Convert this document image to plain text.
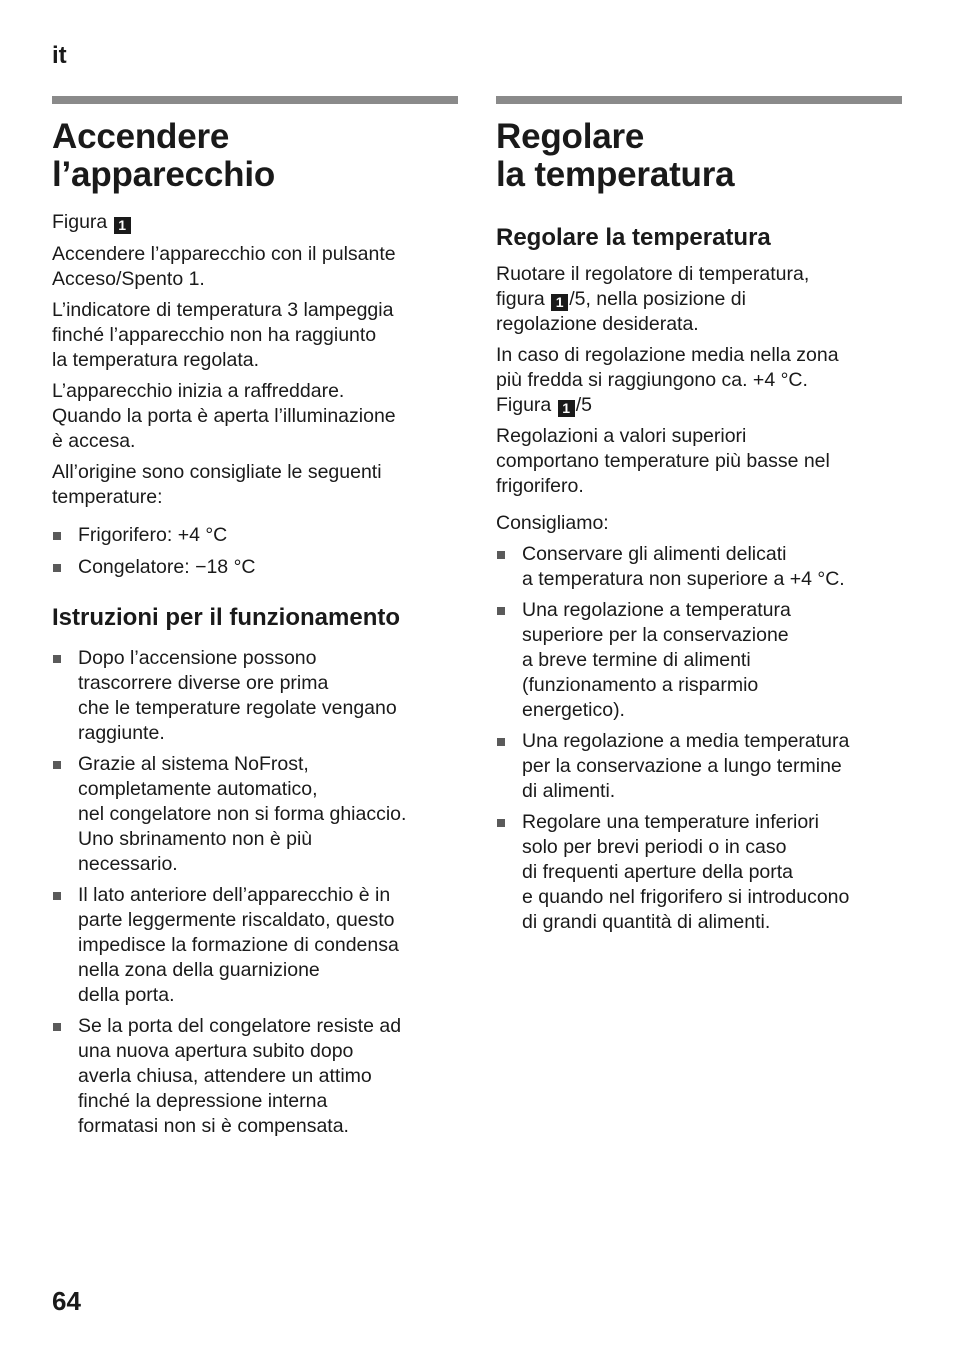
it
Accendere
l’apparecchio

Figura 1

Accendere l’apparecchio con il pulsante
Acceso/Spento 1.

L’indicatore di temperatura 3 lampeggia
finché l’apparecchio non ha raggiunto
la temperatura regolata.

L’apparecchio inizia a raffreddare.
Quando la porta è aperta l’illuminazione
è accesa.

All’origine sono consigliate le seguenti
temperature:

Frigorifero: +4 °C
Congelatore: −18 °C
Istruzioni per il funzionamento
Dopo l’accensione possono
trascorrere diverse ore prima
che le temperature regolate vengano
raggiunte.
Grazie al sistema NoFrost,
completamente automatico,
nel congelatore non si forma ghiaccio.
Uno sbrinamento non è più
necessario.
Il lato anteriore dell’apparecchio è in
parte leggermente riscaldato, questo
impedisce la formazione di condensa
nella zona della guarnizione
della porta.
Se la porta del congelatore resiste ad
una nuova apertura subito dopo
averla chiusa, attendere un attimo
finché la depressione interna
formatasi non si è compensata.
Regolare
la temperatura
Regolare la temperatura

Ruotare il regolatore di temperatura,
figura 1 /5, nella posizione di
regolazione desiderata.

In caso di regolazione media nella zona
più fredda si raggiungono ca. +4 °C.
Figura 1 /5

Regolazioni a valori superiori
comportano temperature più basse nel
frigorifero.

Consigliamo:

Conservare gli alimenti delicati
a temperatura non superiore a +4 °C.
Una regolazione a temperatura
superiore per la conservazione
a breve termine di alimenti
(funzionamento a risparmio
energetico).
Una regolazione a media temperatura
per la conservazione a lungo termine
di alimenti.
Regolare una temperature inferiori
solo per brevi periodi o in caso
di frequenti aperture della porta
e quando nel frigorifero si introducono
di grandi quantità di alimenti.
64
